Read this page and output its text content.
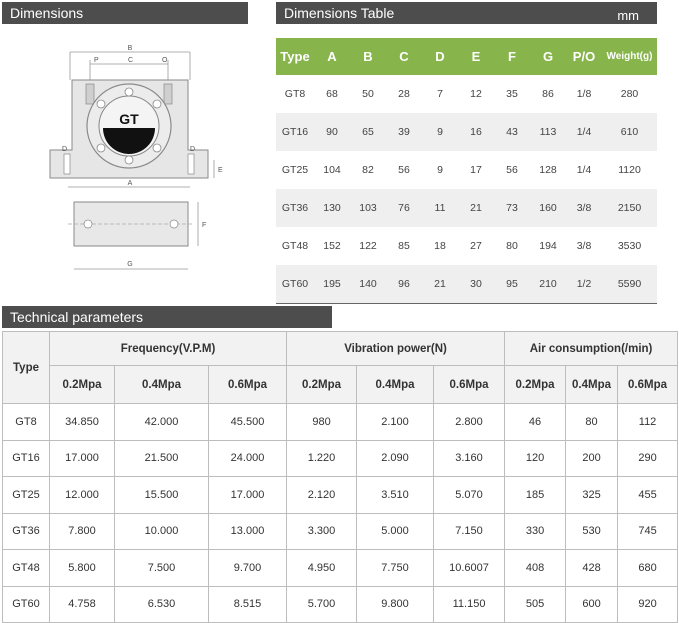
Dimensions	Dimensions Table	mm
Technical parameters
B
P	C	O
GT
D	D
E
A
F
G
Type	A	B	C	D	E	F	G	P/O	Weight(g)
GT8	68	50	28	7	12	35	86	1/8	280
GT16	90	65	39	9	16	43	113	1/4	610
GT25	104	82	56	9	17	56	128	1/4	1120
GT36	130	103	76	11	21	73	160	3/8	2150
GT48	152	122	85	18	27	80	194	3/8	3530
GT60	195	140	96	21	30	95	210	1/2	5590
Type	Frequency(V.P.M)			Vibration power(N)			Air consumption(/min)		
	0.2Mpa	0.4Mpa	0.6Mpa	0.2Mpa	0.4Mpa	0.6Mpa	0.2Mpa	0.4Mpa	0.6Mpa
GT8	34.850	42.000	45.500	980	2.100	2.800	46	80	112
GT16	17.000	21.500	24.000	1.220	2.090	3.160	120	200	290
GT25	12.000	15.500	17.000	2.120	3.510	5.070	185	325	455
GT36	7.800	10.000	13.000	3.300	5.000	7.150	330	530	745
GT48	5.800	7.500	9.700	4.950	7.750	10.6007	408	428	680
GT60	4.758	6.530	8.515	5.700	9.800	11.150	505	600	920
